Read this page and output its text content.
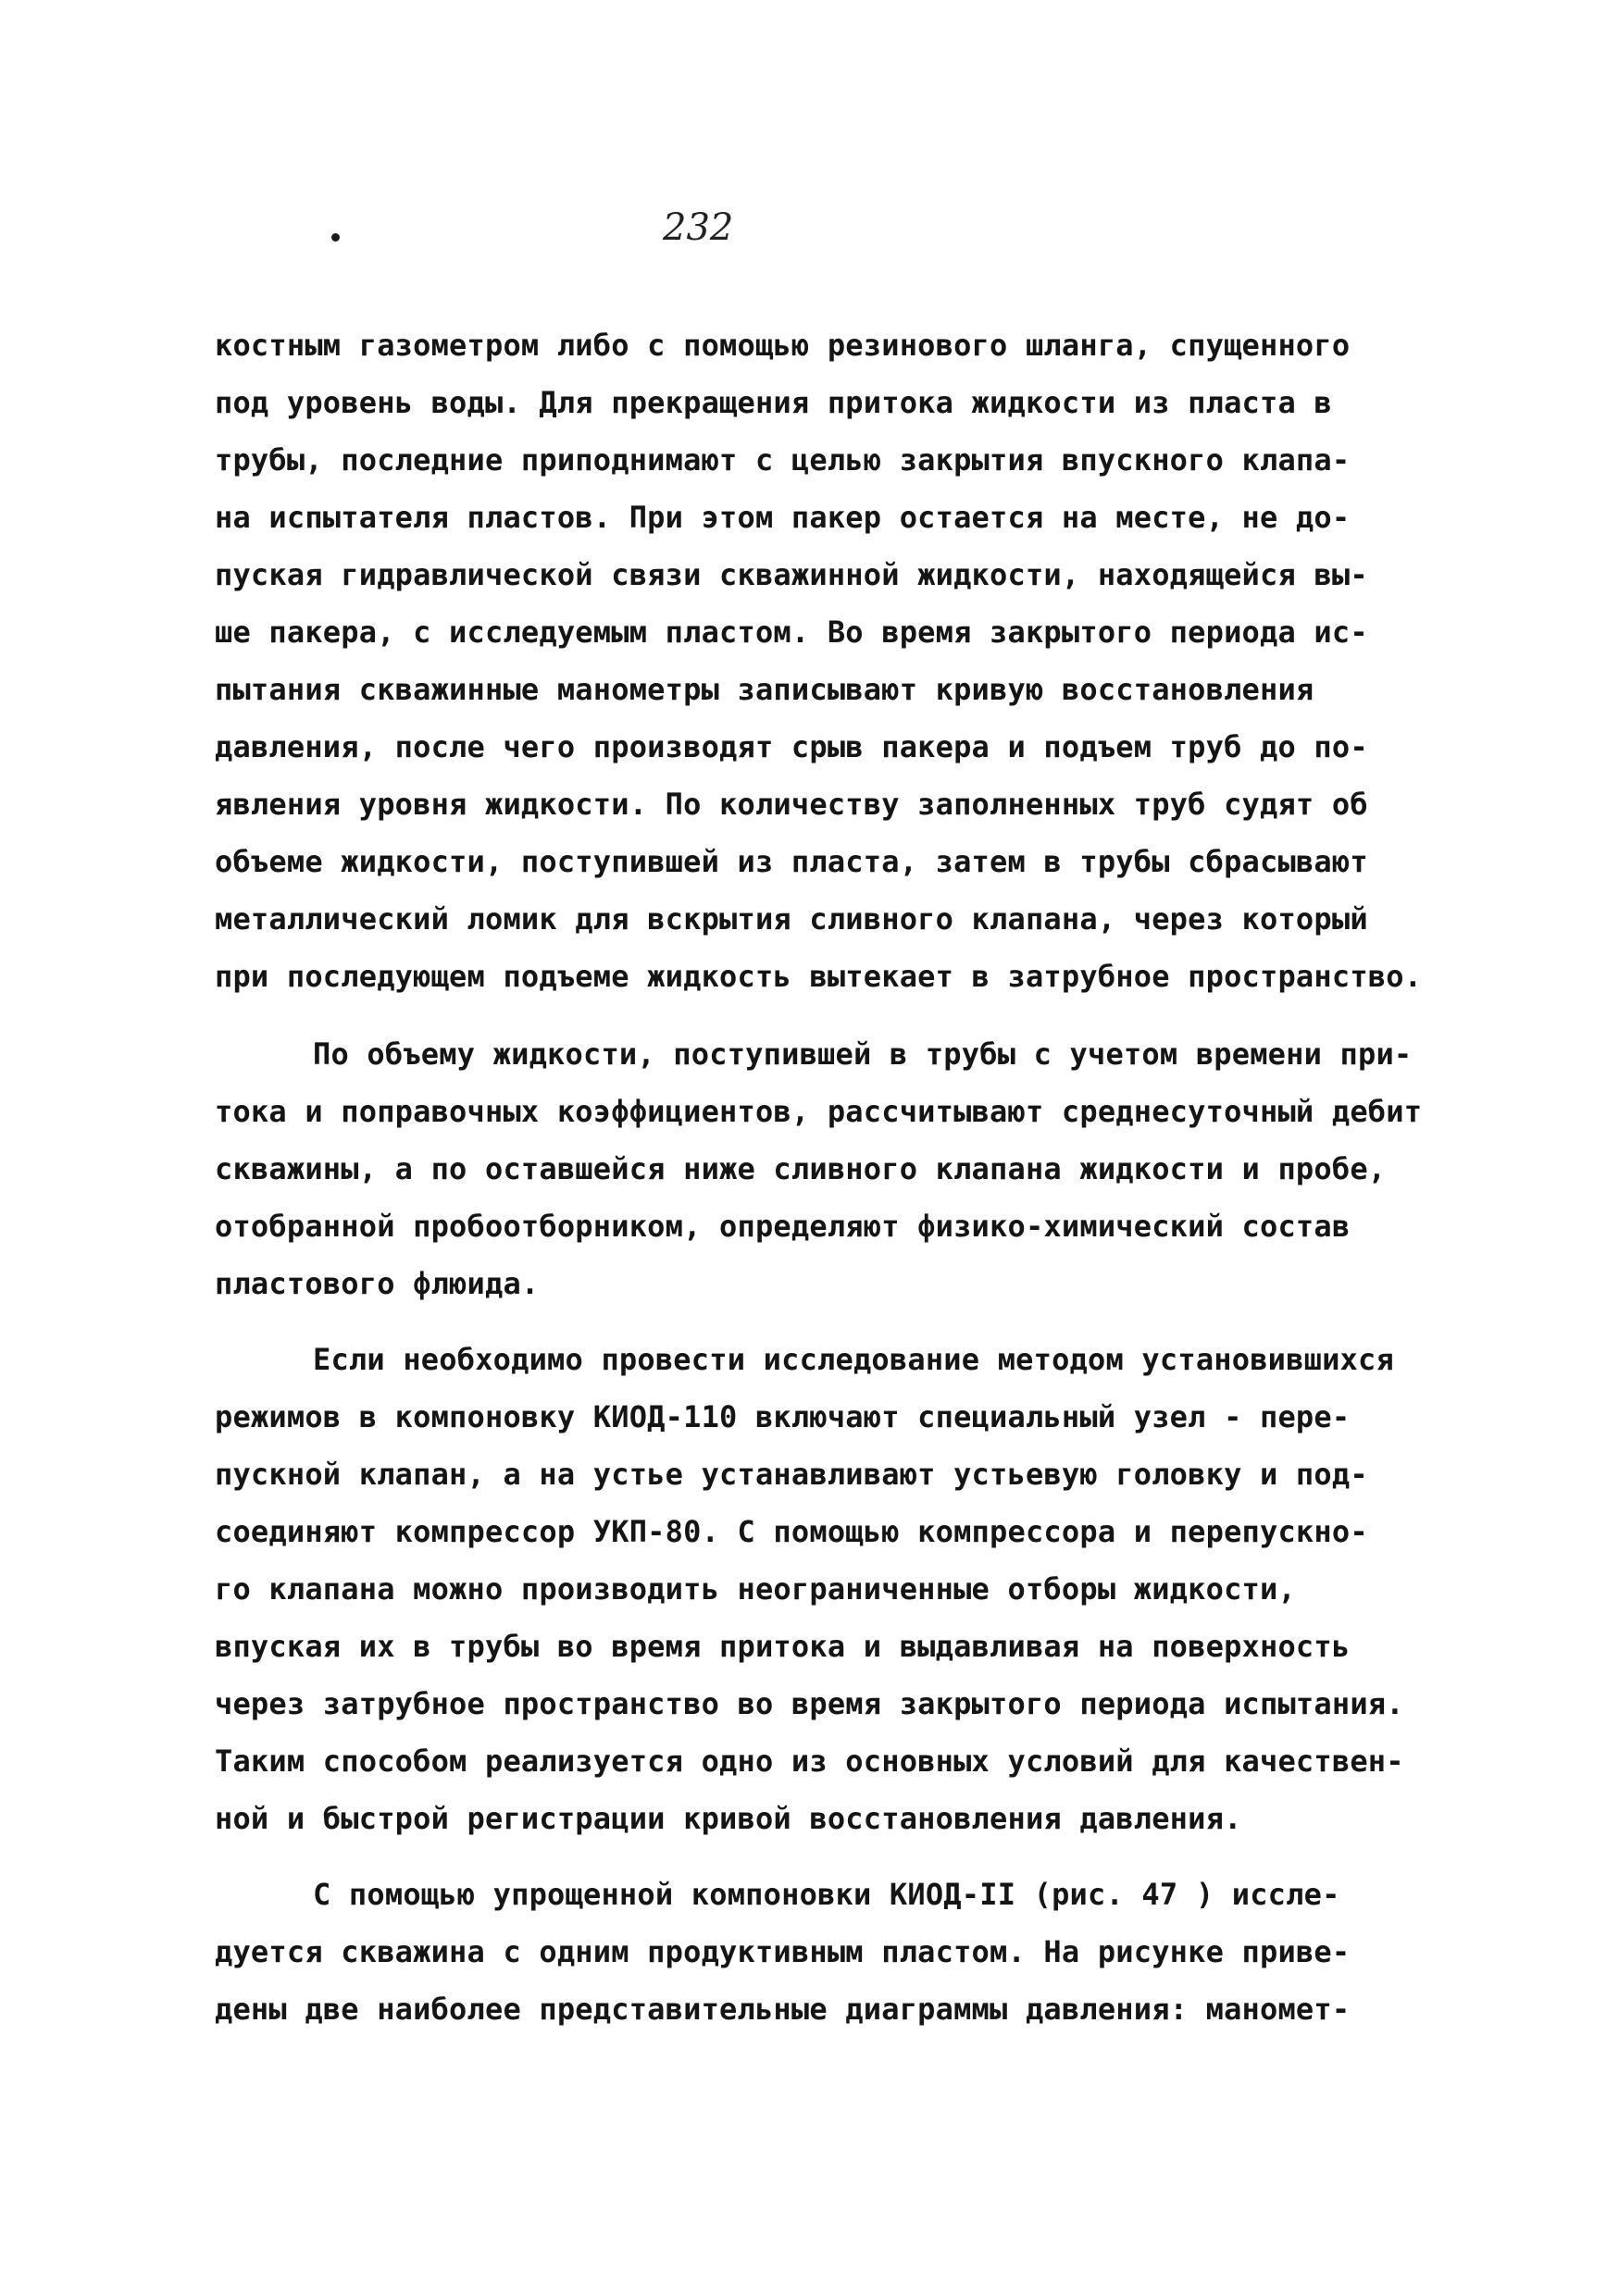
232
костным газометром либо с помощью резинового шланга, спущенного
под уровень воды. Для прекращения притока жидкости из пласта в
трубы, последние приподнимают с целью закрытия впускного клапа-
на испытателя пластов. При этом пакер остается на месте, не до-
пуская гидравлической связи скважинной жидкости, находящейся вы-
ше пакера, с исследуемым пластом. Во время закрытого периода ис-
пытания скважинные манометры записывают кривую восстановления
давления, после чего производят срыв пакера и подъем труб до по-
явления уровня жидкости. По количеству заполненных труб судят об
объеме жидкости, поступившей из пласта, затем в трубы сбрасывают
металлический ломик для вскрытия сливного клапана, через который
при последующем подъеме жидкость вытекает в затрубное пространство.
По объему жидкости, поступившей в трубы с учетом времени при-
тока и поправочных коэффициентов, рассчитывают среднесуточный дебит
скважины, а по оставшейся ниже сливного клапана жидкости и пробе,
отобранной пробоотборником, определяют физико-химический состав
пластового флюида.
Если необходимо провести исследование методом установившихся
режимов в компоновку КИОД-110 включают специальный узел - пере-
пускной клапан, а на устье устанавливают устьевую головку и под-
соединяют компрессор УКП-80. С помощью компрессора и перепускно-
го клапана можно производить неограниченные отборы жидкости,
впуская их в трубы во время притока и выдавливая на поверхность
через затрубное пространство во время закрытого периода испытания.
Таким способом реализуется одно из основных условий для качествен-
ной и быстрой регистрации кривой восстановления давления.
С помощью упрощенной компоновки КИОД-II (рис. 47 ) исслe-
дуется скважина с одним продуктивным пластом. На рисунке приве-
дены две наиболее представительные диаграммы давления: маномет-
